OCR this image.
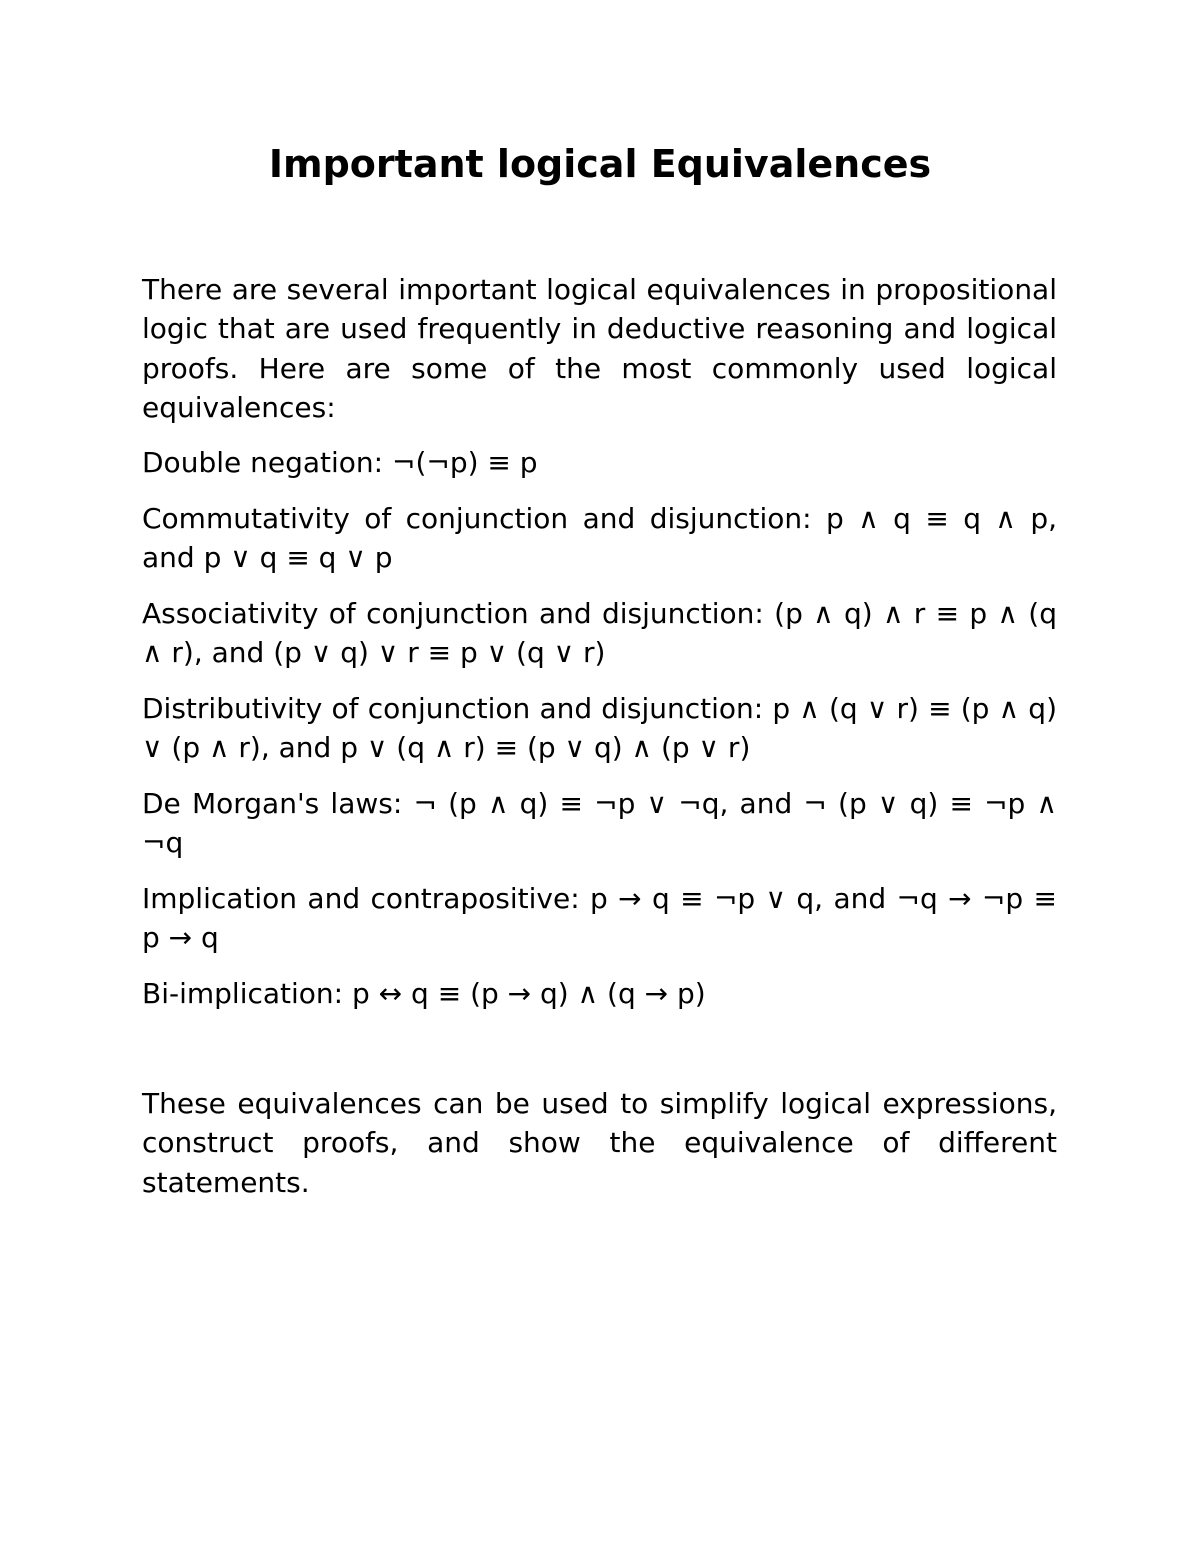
Important logical Equivalences

There are several important logical equivalences in propositional logic that are used frequently in deductive reasoning and logical proofs. Here are some of the most commonly used logical equivalences:

Double negation: ¬(¬p) ≡ p

Commutativity of conjunction and disjunction: p ∧ q ≡ q ∧ p, and p ∨ q ≡ q ∨ p

Associativity of conjunction and disjunction: (p ∧ q) ∧ r ≡ p ∧ (q ∧ r), and (p ∨ q) ∨ r ≡ p ∨ (q ∨ r)

Distributivity of conjunction and disjunction: p ∧ (q ∨ r) ≡ (p ∧ q) ∨ (p ∧ r), and p ∨ (q ∧ r) ≡ (p ∨ q) ∧ (p ∨ r)

De Morgan's laws: ¬ (p ∧ q) ≡ ¬p ∨ ¬q, and ¬ (p ∨ q) ≡ ¬p ∧ ¬q

Implication and contrapositive: p → q ≡ ¬p ∨ q, and ¬q → ¬p ≡ p → q

Bi-implication: p ↔ q ≡ (p → q) ∧ (q → p)

These equivalences can be used to simplify logical expressions, construct proofs, and show the equivalence of different statements.
